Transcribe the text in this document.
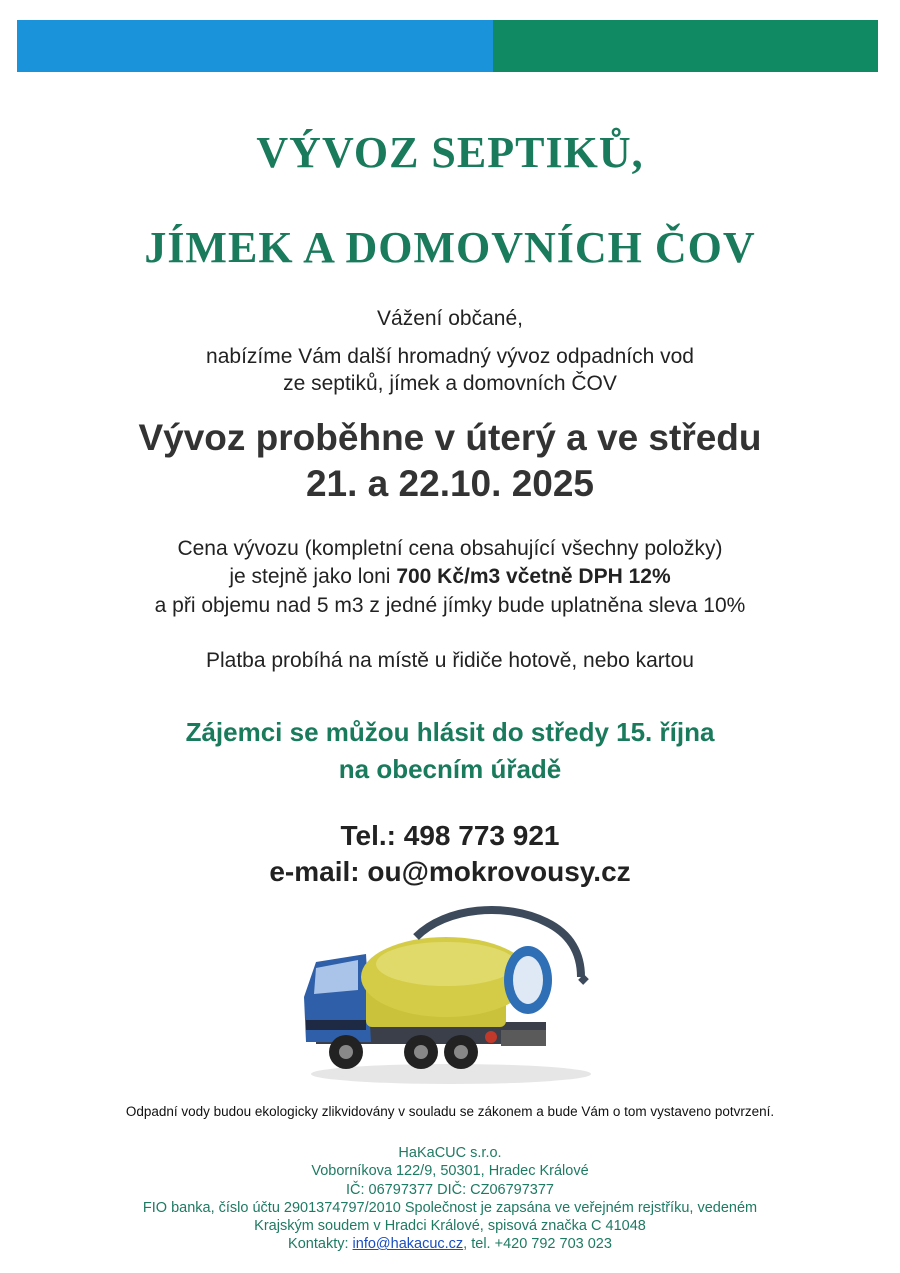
VÝVOZ SEPTIKŮ,
JÍMEK A DOMOVNÍCH ČOV
Vážení občané,
nabízíme Vám další hromadný vývoz odpadních vod
ze septiků, jímek a domovních ČOV
Vývoz proběhne v úterý a ve středu
21. a 22.10. 2025
Cena vývozu (kompletní cena obsahující všechny položky)
je stejně jako loni 700 Kč/m3 včetně DPH 12%
a při objemu nad 5 m3 z jedné jímky bude uplatněna sleva 10%
Platba probíhá na místě u řidiče hotově, nebo kartou
Zájemci se můžou hlásit do středy 15. října
na obecním úřadě
Tel.: 498 773 921
e-mail: ou@mokrovousy.cz
Odpadní vody budou ekologicky zlikvidovány v souladu se zákonem a bude Vám o tom vystaveno potvrzení.
HaKaCUC s.r.o.
Voborníkova 122/9, 50301, Hradec Králové
IČ: 06797377 DIČ: CZ06797377
FIO banka, číslo účtu 2901374797/2010 Společnost je zapsána ve veřejném rejstříku, vedeném
Krajským soudem v Hradci Králové, spisová značka C 41048
Kontakty: info@hakacuc.cz, tel. +420 792 703 023
